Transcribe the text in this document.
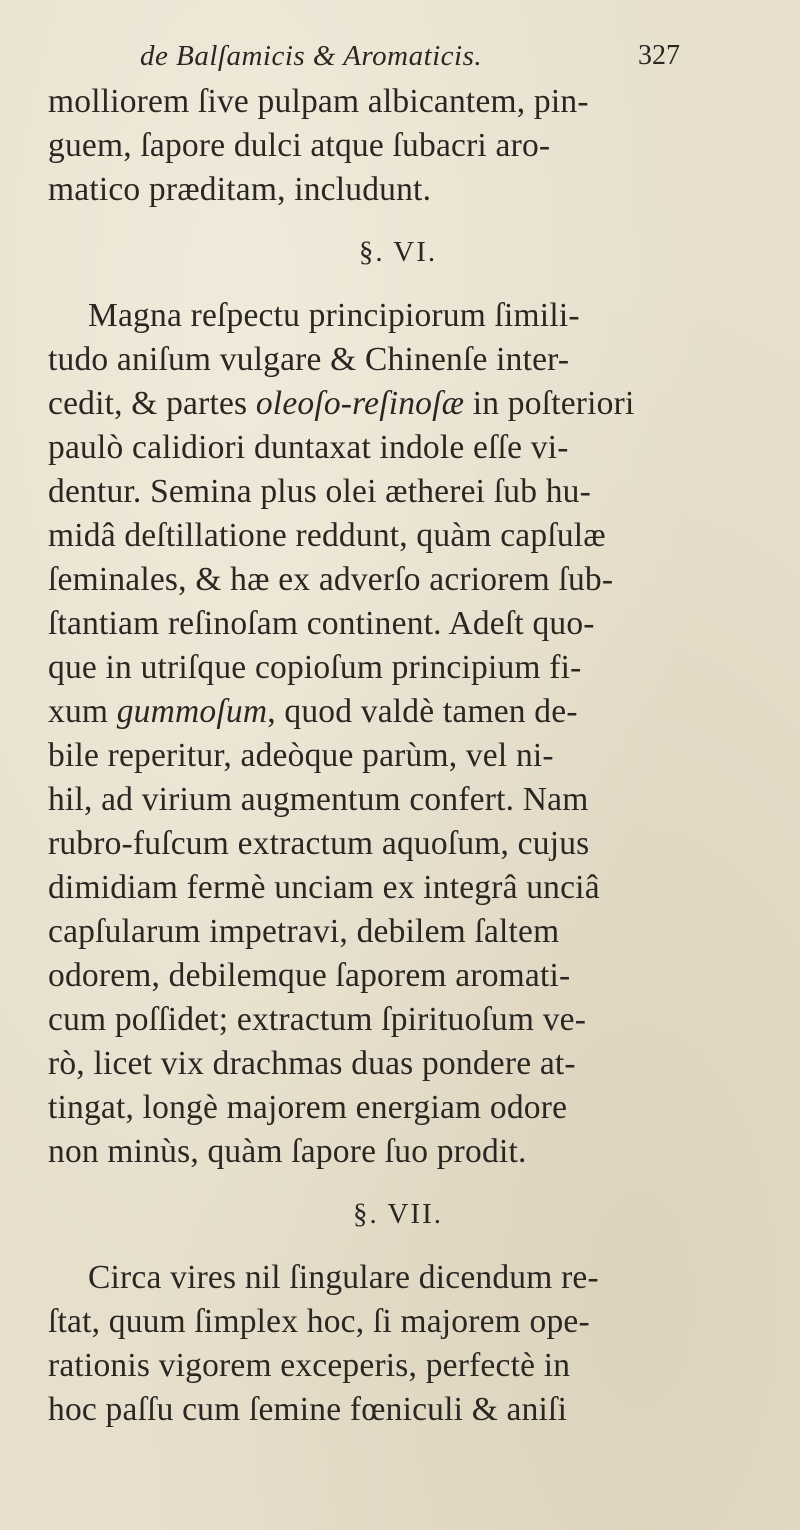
de Balſamicis & Aromaticis.	327
molliorem ſive pulpam albicantem, pin-
guem, ſapore dulci atque ſubacri aro-
matico præditam, includunt.
§. VI.
Magna reſpectu principiorum ſimili-
tudo aniſum vulgare & Chinenſe inter-
cedit, & partes oleoſo-reſinoſæ in poſteriori
paulò calidiori duntaxat indole eſſe vi-
dentur. Semina plus olei ætherei ſub hu-
midâ deſtillatione reddunt, quàm capſulæ
ſeminales, & hæ ex adverſo acriorem ſub-
ſtantiam reſinoſam continent. Adeſt quo-
que in utriſque copioſum principium fi-
xum gummoſum, quod valdè tamen de-
bile reperitur, adeòque parùm, vel ni-
hil, ad virium augmentum confert. Nam
rubro-fuſcum extractum aquoſum, cujus
dimidiam fermè unciam ex integrâ unciâ
capſularum impetravi, debilem ſaltem
odorem, debilemque ſaporem aromati-
cum poſſidet; extractum ſpirituoſum ve-
rò, licet vix drachmas duas pondere at-
tingat, longè majorem energiam odore
non minùs, quàm ſapore ſuo prodit.
§. VII.
Circa vires nil ſingulare dicendum re-
ſtat, quum ſimplex hoc, ſi majorem ope-
rationis vigorem exceperis, perfectè in
hoc paſſu cum ſemine fœniculi & aniſi
